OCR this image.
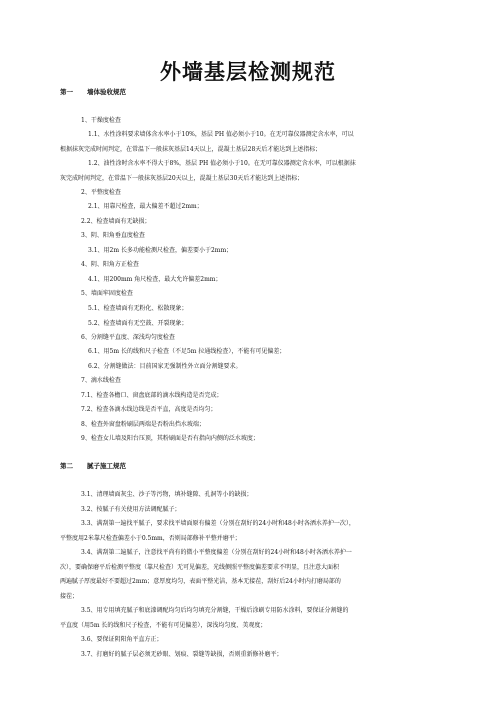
外墙基层检测规范
第一 墙体验收规范
1、干燥度检查
1.1、水性涂料要求墙体含水率小于10%，基层 PH 值必须小于10。在无可靠仪器测定含水率，可以
根据抹灰完成时间判定，在常温下一般抹灰基层14天以上，混凝土基层28天后才能达到上述指标；
1.2、油性涂时含水率不得大于8%，基层 PH 值必须小于10。在无可靠仪器测定含水率，可以根据抹
灰完成时间判定，在常温下一般抹灰基层20天以上，混凝土基层30天后才能达到上述指标；
2、平整度检查
2.1、用靠尺检查，最大偏差不超过2mm；
2.2、检查墙面有无缺损；
3、阴、阳角垂直度检查
3.1、用2m 长多功能检测尺检查，偏差要小于2mm；
4、阴、阳角方正检查
4.1、用200mm 角尺检查，最大允许偏差2mm；
5、墙面牢固度检查
5.1、检查墙面有无粉化、松散现象；
5.2、检查墙面有无空鼓、开裂现象；
6、分割缝平直度、深浅均匀度检查
6.1、用5m 长的线和尺子检查（不足5m 拉通线检查），不能有可见偏差；
6.2、分割缝做法：目前国家无强制性外立面分割缝要求。
7、滴水线检查
7.1、检查各檐口、窗盘底部的滴水线构造是否完成；
7.2、检查各滴水线边线是否平直，高度是否均匀；
8、检查外窗盘粉刷层两端是否粉出挡水坡端；
9、检查女儿墙及阳台压顶，其粉刷面是否有指向内侧的泛水坡度；
第二 腻子施工规范
3.1、清理墙面灰尘、沙子等污物，填补缝隙、孔洞等小的缺损；
3.2、按腻子有关使用方法调配腻子；
3.3、满刮第一遍找平腻子，要求找平墙面原有偏差（分别在刮好的24小时和48小时各洒水养护一次），
平整度用2米靠尺检查偏差小于0.5mm，否则局部修补平整并磨平；
3.4、满刮第二遍腻子，注意找平尚有的微小平整度偏差（分别在刮好的24小时和48小时各洒水养护一
次），要确保磨平后检测平整度（靠尺检查）无可见偏差，光线侧照平整度偏差要求不明显，且注意大面积
两遍腻子厚度最好不要超过2mm；意厚度均匀，表面平整光洁，基本无接茬，刮好后24小时内打磨局部的
接茬；
3.5、用专用填充腻子和底漆调配均匀后均匀填充分割缝，干燥后涂刷专用防水涂料，要保证分割缝的
平直度（用5m 长的线和尺子检查，不能有可见偏差），深浅均匀度、美观度；
3.6、要保证阴阳角平直方正；
3.7、打磨好的腻子层必须无砂眼、划痕、裂缝等缺损，否则重新修补磨平；
